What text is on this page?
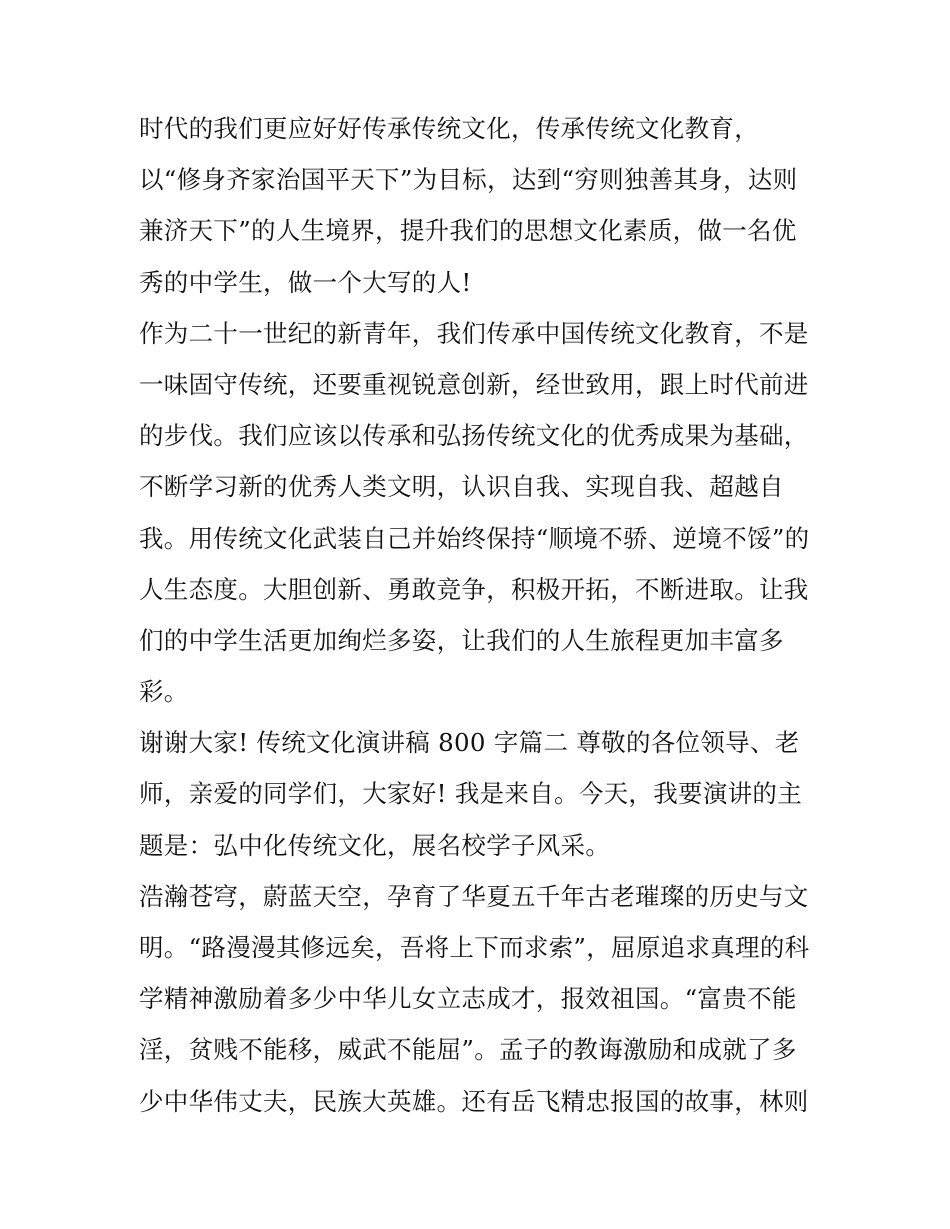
时代的我们更应好好传承传统文化，传承传统文化教育，
以“修身齐家治国平天下”为目标，达到“穷则独善其身，达则
兼济天下”的人生境界，提升我们的思想文化素质，做一名优
秀的中学生，做一个大写的人!
作为二十一世纪的新青年，我们传承中国传统文化教育，不是
一味固守传统，还要重视锐意创新，经世致用，跟上时代前进
的步伐。我们应该以传承和弘扬传统文化的优秀成果为基础，
不断学习新的优秀人类文明，认识自我、实现自我、超越自
我。用传统文化武装自己并始终保持“顺境不骄、逆境不馁”的
人生态度。大胆创新、勇敢竞争，积极开拓，不断进取。让我
们的中学生活更加绚烂多姿，让我们的人生旅程更加丰富多
彩。
谢谢大家! 传统文化演讲稿 800 字篇二 尊敬的各位领导、老
师，亲爱的同学们，大家好! 我是来自。今天，我要演讲的主
题是：弘中化传统文化，展名校学子风采。
浩瀚苍穹，蔚蓝天空，孕育了华夏五千年古老璀璨的历史与文
明。“路漫漫其修远矣，吾将上下而求索”，屈原追求真理的科
学精神激励着多少中华儿女立志成才，报效祖国。“富贵不能
淫，贫贱不能移，威武不能屈”。孟子的教诲激励和成就了多
少中华伟丈夫，民族大英雄。还有岳飞精忠报国的故事，林则
